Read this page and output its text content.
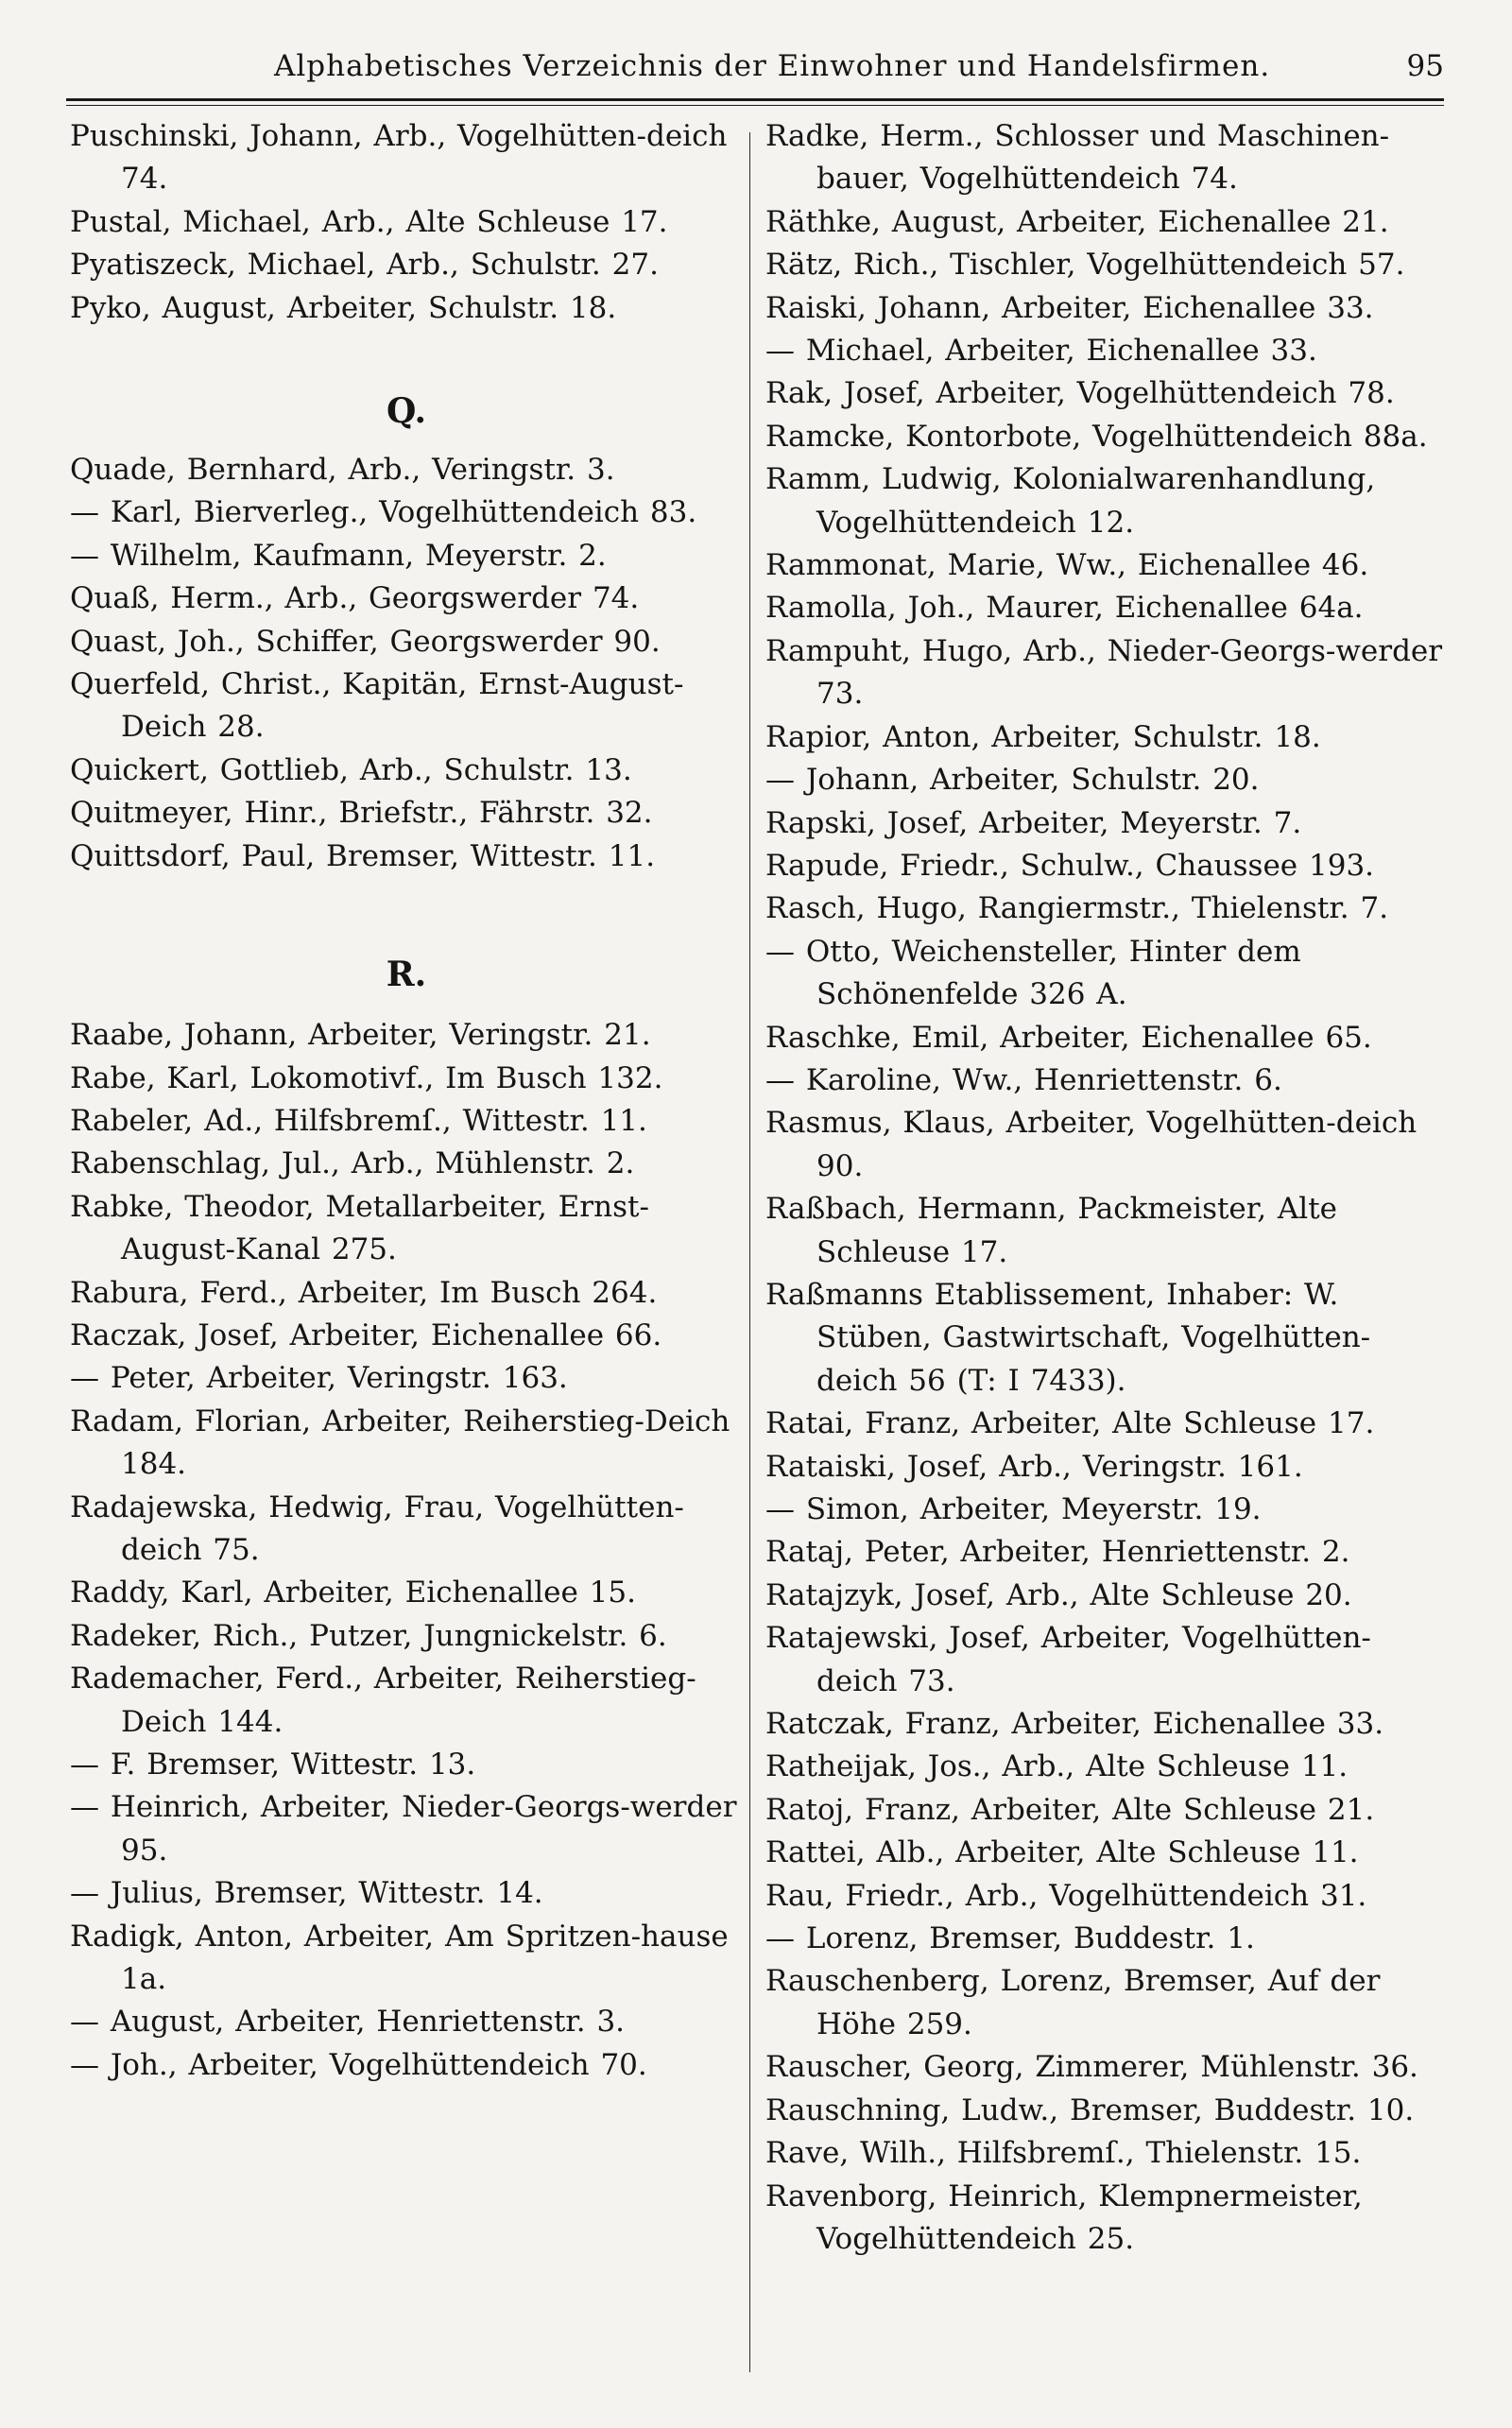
Alphabetisches Verzeichnis der Einwohner und Handelsfirmen.	95
Puschinski, Johann, Arb., Vogelhütten-deich 74.
Pustal, Michael, Arb., Alte Schleuse 17.
Pyatiszeck, Michael, Arb., Schulstr. 27.
Pyko, August, Arbeiter, Schulstr. 18.
Q.
Quade, Bernhard, Arb., Veringstr. 3.
— Karl, Bierverleg., Vogelhüttendeich 83.
— Wilhelm, Kaufmann, Meyerstr. 2.
Quaß, Herm., Arb., Georgswerder 74.
Quast, Joh., Schiffer, Georgswerder 90.
Querfeld, Christ., Kapitän, Ernst-August-Deich 28.
Quickert, Gottlieb, Arb., Schulstr. 13.
Quitmeyer, Hinr., Briefstr., Fährstr. 32.
Quittsdorf, Paul, Bremser, Wittestr. 11.
R.
Raabe, Johann, Arbeiter, Veringstr. 21.
Rabe, Karl, Lokomotivf., Im Busch 132.
Rabeler, Ad., Hilfsbremſ., Wittestr. 11.
Rabenschlag, Jul., Arb., Mühlenstr. 2.
Rabke, Theodor, Metallarbeiter, Ernst-August-Kanal 275.
Rabura, Ferd., Arbeiter, Im Busch 264.
Raczak, Josef, Arbeiter, Eichenallee 66.
— Peter, Arbeiter, Veringstr. 163.
Radam, Florian, Arbeiter, Reiherstieg-Deich 184.
Radajewska, Hedwig, Frau, Vogelhütten-deich 75.
Raddy, Karl, Arbeiter, Eichenallee 15.
Radeker, Rich., Putzer, Jungnickelstr. 6.
Rademacher, Ferd., Arbeiter, Reiherstieg-Deich 144.
— F. Bremser, Wittestr. 13.
— Heinrich, Arbeiter, Nieder-Georgs-werder 95.
— Julius, Bremser, Wittestr. 14.
Radigk, Anton, Arbeiter, Am Spritzen-hause 1a.
— August, Arbeiter, Henriettenstr. 3.
— Joh., Arbeiter, Vogelhüttendeich 70.
Radke, Herm., Schlosser und Maschinen-bauer, Vogelhüttendeich 74.
Räthke, August, Arbeiter, Eichenallee 21.
Rätz, Rich., Tischler, Vogelhüttendeich 57.
Raiski, Johann, Arbeiter, Eichenallee 33.
— Michael, Arbeiter, Eichenallee 33.
Rak, Josef, Arbeiter, Vogelhüttendeich 78.
Ramcke, Kontorbote, Vogelhüttendeich 88a.
Ramm, Ludwig, Kolonialwarenhandlung, Vogelhüttendeich 12.
Rammonat, Marie, Ww., Eichenallee 46.
Ramolla, Joh., Maurer, Eichenallee 64a.
Rampuht, Hugo, Arb., Nieder-Georgs-werder 73.
Rapior, Anton, Arbeiter, Schulstr. 18.
— Johann, Arbeiter, Schulstr. 20.
Rapski, Josef, Arbeiter, Meyerstr. 7.
Rapude, Friedr., Schulw., Chaussee 193.
Rasch, Hugo, Rangiermstr., Thielenstr. 7.
— Otto, Weichensteller, Hinter dem Schönenfelde 326 A.
Raschke, Emil, Arbeiter, Eichenallee 65.
— Karoline, Ww., Henriettenstr. 6.
Rasmus, Klaus, Arbeiter, Vogelhütten-deich 90.
Raßbach, Hermann, Packmeister, Alte Schleuse 17.
Raßmanns Etablissement, Inhaber: W. Stüben, Gastwirtschaft, Vogelhütten-deich 56 (T: I 7433).
Ratai, Franz, Arbeiter, Alte Schleuse 17.
Rataiski, Josef, Arb., Veringstr. 161.
— Simon, Arbeiter, Meyerstr. 19.
Rataj, Peter, Arbeiter, Henriettenstr. 2.
Ratajzyk, Josef, Arb., Alte Schleuse 20.
Ratajewski, Josef, Arbeiter, Vogelhütten-deich 73.
Ratczak, Franz, Arbeiter, Eichenallee 33.
Ratheijak, Jos., Arb., Alte Schleuse 11.
Ratoj, Franz, Arbeiter, Alte Schleuse 21.
Rattei, Alb., Arbeiter, Alte Schleuse 11.
Rau, Friedr., Arb., Vogelhüttendeich 31.
— Lorenz, Bremser, Buddestr. 1.
Rauschenberg, Lorenz, Bremser, Auf der Höhe 259.
Rauscher, Georg, Zimmerer, Mühlenstr. 36.
Rauschning, Ludw., Bremser, Buddestr. 10.
Rave, Wilh., Hilfsbremſ., Thielenstr. 15.
Ravenborg, Heinrich, Klempnermeister, Vogelhüttendeich 25.
